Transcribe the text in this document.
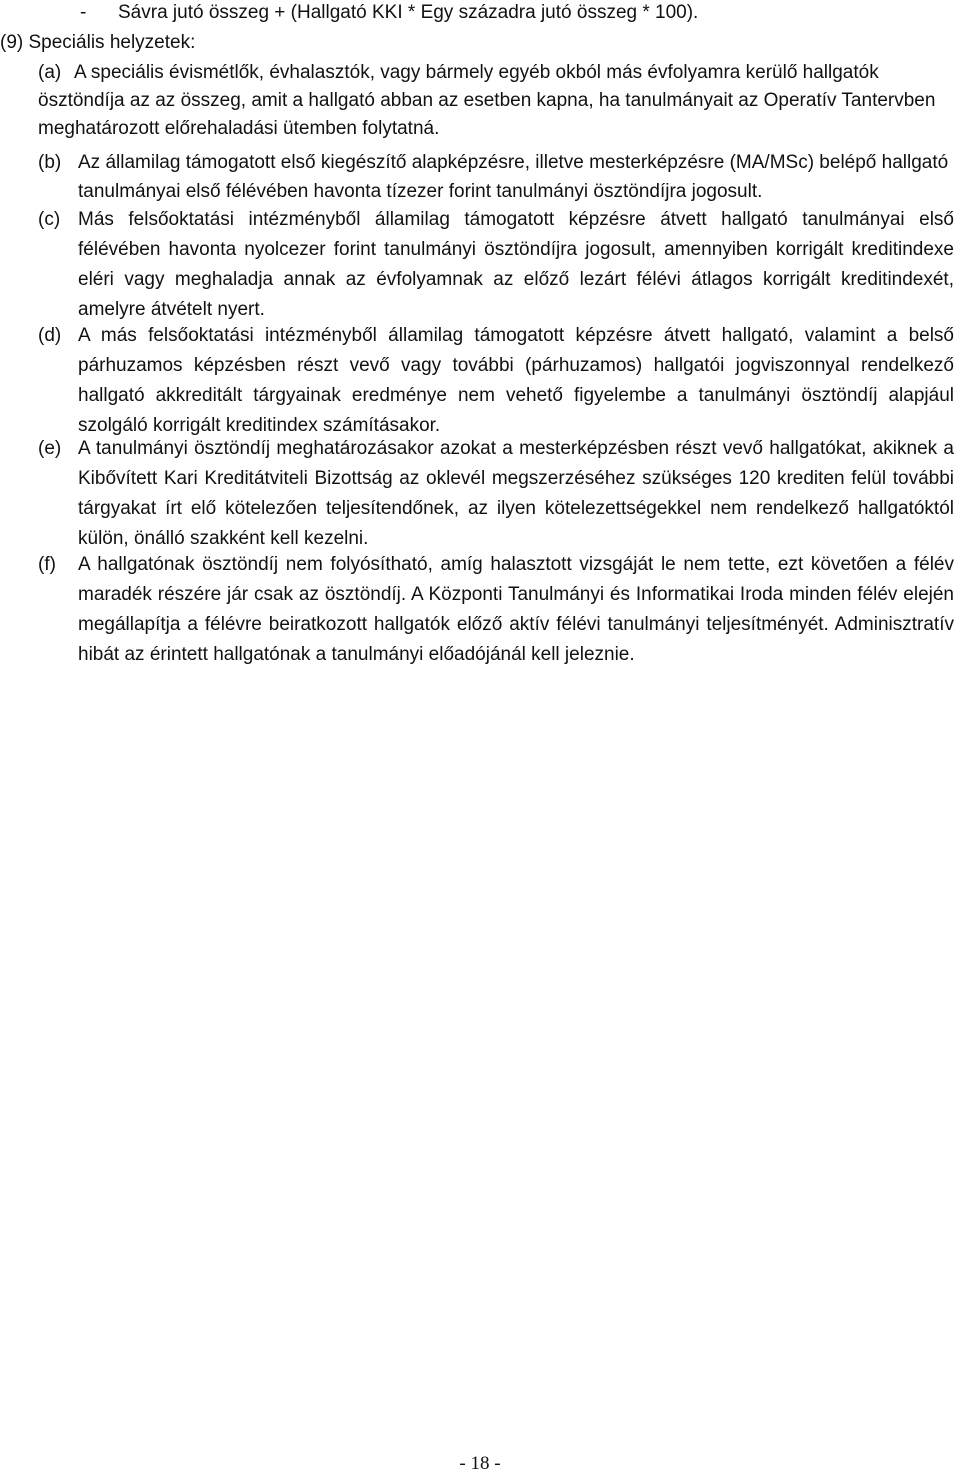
- Sávra jutó összeg + (Hallgató KKI * Egy századra jutó összeg * 100).
(9) Speciális helyzetek:
(a) A speciális évismétlők, évhalasztók, vagy bármely egyéb okból más évfolyamra kerülő hallgatók ösztöndíja az az összeg, amit a hallgató abban az esetben kapna, ha tanulmányait az Operatív Tantervben meghatározott előrehaladási ütemben folytatná.
(b) Az államilag támogatott első kiegészítő alapképzésre, illetve mesterképzésre (MA/MSc) belépő hallgató tanulmányai első félévében havonta tízezer forint tanulmányi ösztöndíjra jogosult.
(c) Más felsőoktatási intézményből államilag támogatott képzésre átvett hallgató tanulmányai első félévében havonta nyolcezer forint tanulmányi ösztöndíjra jogosult, amennyiben korrigált kreditindexe eléri vagy meghaladja annak az évfolyamnak az előző lezárt félévi átlagos korrigált kreditindexét, amelyre átvételt nyert.
(d) A más felsőoktatási intézményből államilag támogatott képzésre átvett hallgató, valamint a belső párhuzamos képzésben részt vevő vagy további (párhuzamos) hallgatói jogviszonnyal rendelkező hallgató akkreditált tárgyainak eredménye nem vehető figyelembe a tanulmányi ösztöndíj alapjául szolgáló korrigált kreditindex számításakor.
(e) A tanulmányi ösztöndíj meghatározásakor azokat a mesterképzésben részt vevő hallgatókat, akiknek a Kibővített Kari Kreditátviteli Bizottság az oklevél megszerzéséhez szükséges 120 krediten felül további tárgyakat írt elő kötelezően teljesítendőnek, az ilyen kötelezettségekkel nem rendelkező hallgatóktól külön, önálló szakként kell kezelni.
(f) A hallgatónak ösztöndíj nem folyósítható, amíg halasztott vizsgáját le nem tette, ezt követően a félév maradék részére jár csak az ösztöndíj. A Központi Tanulmányi és Informatikai Iroda minden félév elején megállapítja a félévre beiratkozott hallgatók előző aktív félévi tanulmányi teljesítményét. Adminisztratív hibát az érintett hallgatónak a tanulmányi előadójánál kell jeleznie.
- 18 -
